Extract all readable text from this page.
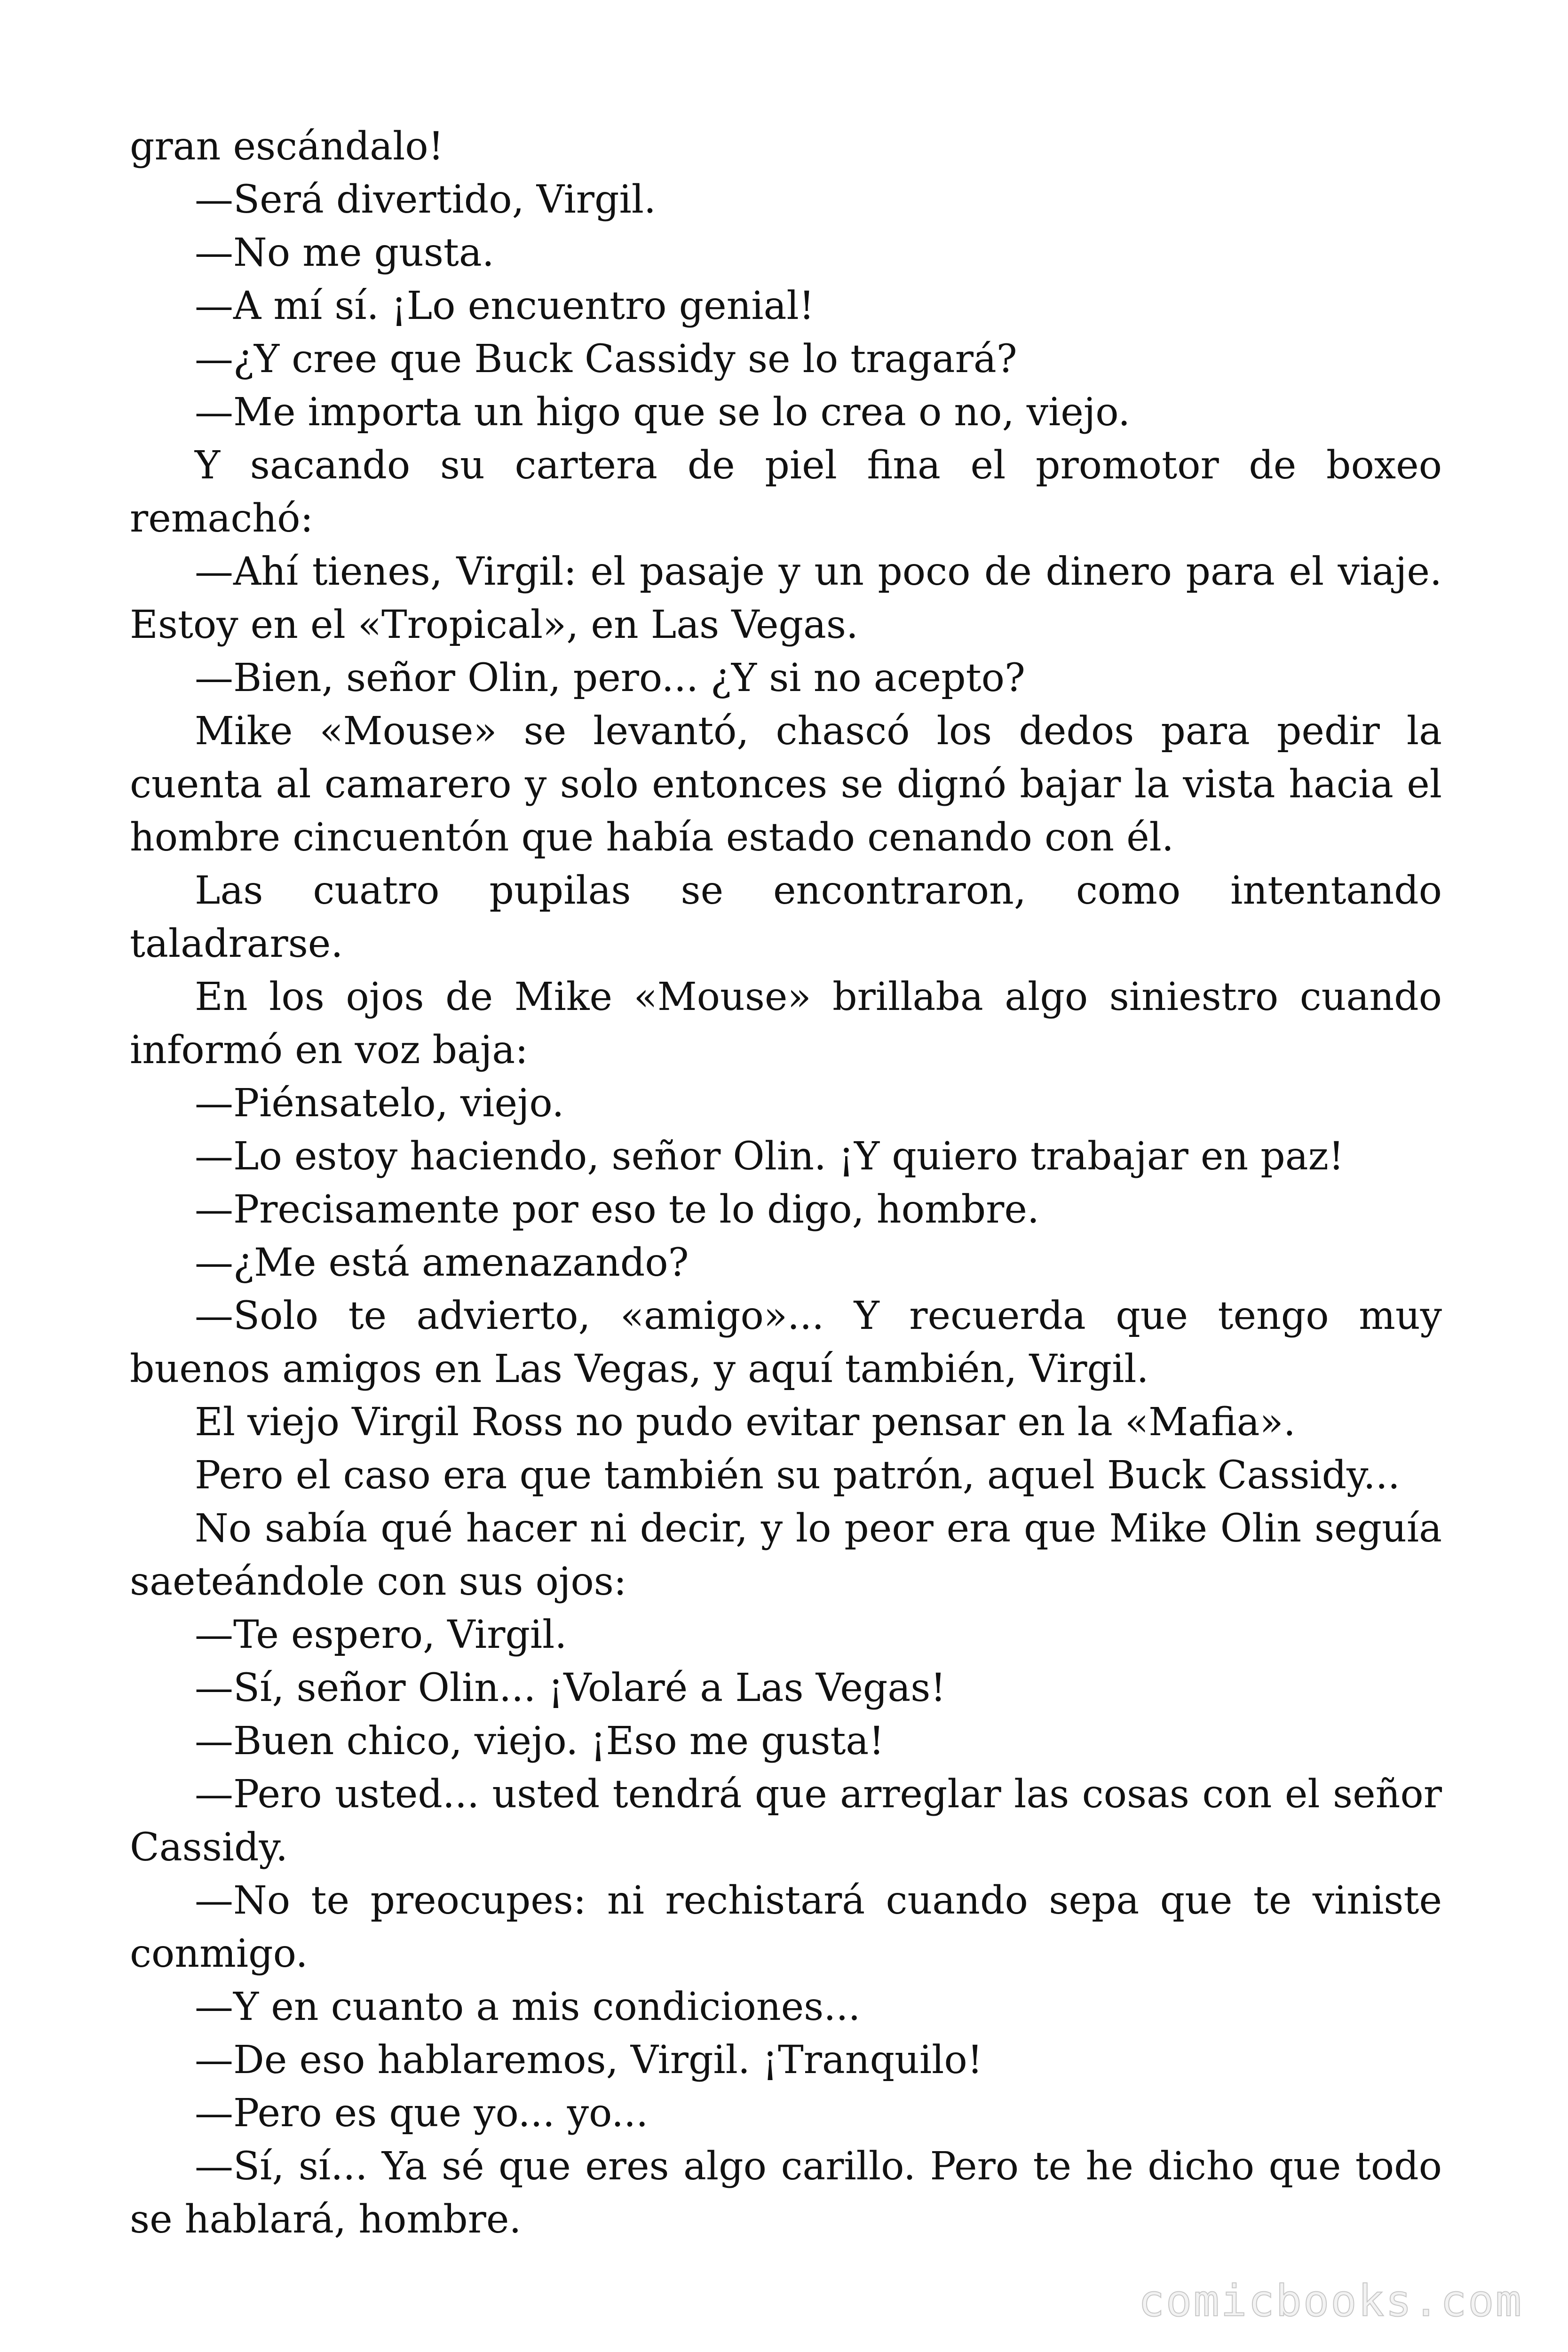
gran escándalo!

—Será divertido, Virgil.

—No me gusta.

—A mí sí. ¡Lo encuentro genial!

—¿Y cree que Buck Cassidy se lo tragará?

—Me importa un higo que se lo crea o no, viejo.

Y sacando su cartera de piel fina el promotor de boxeo remachó:

—Ahí tienes, Virgil: el pasaje y un poco de dinero para el viaje. Estoy en el «Tropical», en Las Vegas.

—Bien, señor Olin, pero... ¿Y si no acepto?

Mike «Mouse» se levantó, chascó los dedos para pedir la cuenta al camarero y solo entonces se dignó bajar la vista hacia el hombre cincuentón que había estado cenando con él.

Las cuatro pupilas se encontraron, como intentando taladrarse.

En los ojos de Mike «Mouse» brillaba algo siniestro cuando informó en voz baja:

—Piénsatelo, viejo.

—Lo estoy haciendo, señor Olin. ¡Y quiero trabajar en paz!

—Precisamente por eso te lo digo, hombre.

—¿Me está amenazando?

—Solo te advierto, «amigo»... Y recuerda que tengo muy buenos amigos en Las Vegas, y aquí también, Virgil.

El viejo Virgil Ross no pudo evitar pensar en la «Mafia».

Pero el caso era que también su patrón, aquel Buck Cassidy...

No sabía qué hacer ni decir, y lo peor era que Mike Olin seguía saeteándole con sus ojos:

—Te espero, Virgil.

—Sí, señor Olin... ¡Volaré a Las Vegas!

—Buen chico, viejo. ¡Eso me gusta!

—Pero usted... usted tendrá que arreglar las cosas con el señor Cassidy.

—No te preocupes: ni rechistará cuando sepa que te viniste conmigo.

—Y en cuanto a mis condiciones...

—De eso hablaremos, Virgil. ¡Tranquilo!

—Pero es que yo... yo...

—Sí, sí... Ya sé que eres algo carillo. Pero te he dicho que todo se hablará, hombre.

comicbooks.com
